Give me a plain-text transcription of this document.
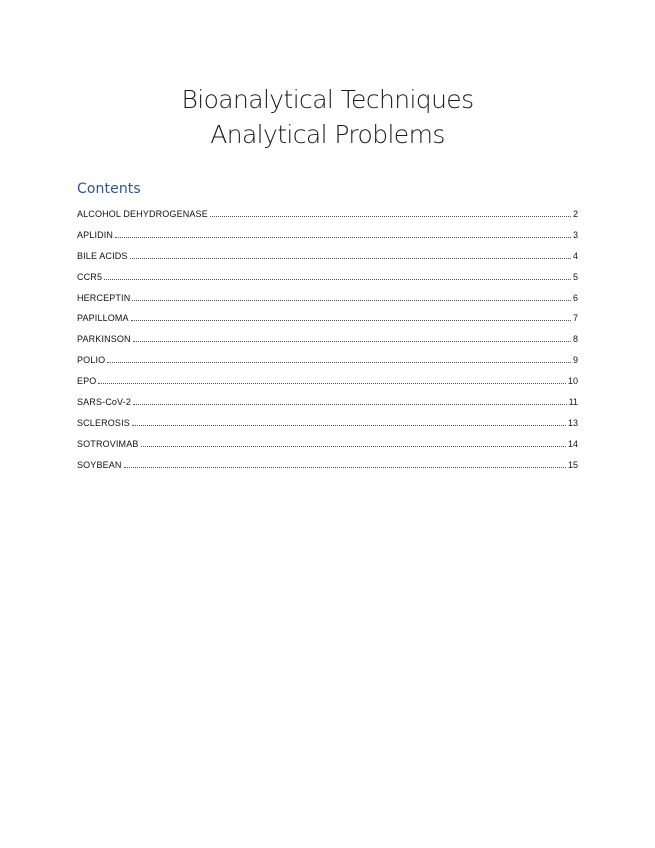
Bioanalytical Techniques
Analytical Problems
Contents
ALCOHOL DEHYDROGENASE	2
APLIDIN	3
BILE ACIDS	4
CCR5	5
HERCEPTIN	6
PAPILLOMA	7
PARKINSON	8
POLIO	9
EPO	10
SARS-CoV-2	11
SCLEROSIS	13
SOTROVIMAB	14
SOYBEAN	15
